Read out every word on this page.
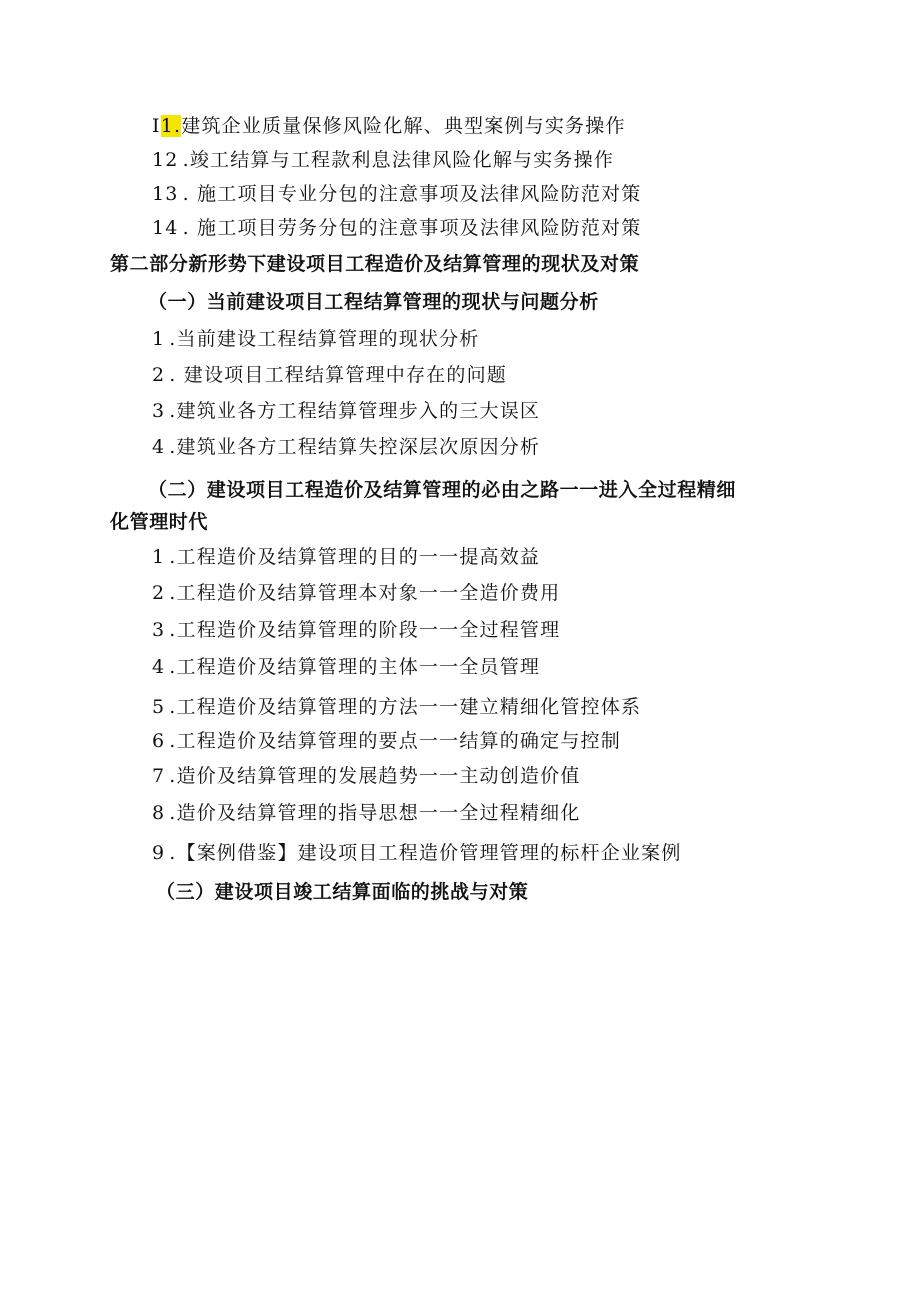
I1.建筑企业质量保修风险化解、典型案例与实务操作
12 .竣工结算与工程款利息法律风险化解与实务操作
13 . 施工项目专业分包的注意事项及法律风险防范对策
14 . 施工项目劳务分包的注意事项及法律风险防范对策
第二部分新形势下建设项目工程造价及结算管理的现状及对策
（一）当前建设项目工程结算管理的现状与问题分析
1 .当前建设工程结算管理的现状分析
2 . 建设项目工程结算管理中存在的问题
3 .建筑业各方工程结算管理步入的三大误区
4 .建筑业各方工程结算失控深层次原因分析
（二）建设项目工程造价及结算管理的必由之路一一进入全过程精细
化管理时代
1 .工程造价及结算管理的目的一一提高效益
2 .工程造价及结算管理本对象一一全造价费用
3 .工程造价及结算管理的阶段一一全过程管理
4 .工程造价及结算管理的主体一一全员管理
5 .工程造价及结算管理的方法一一建立精细化管控体系
6 .工程造价及结算管理的要点一一结算的确定与控制
7 .造价及结算管理的发展趋势一一主动创造价值
8 .造价及结算管理的指导思想一一全过程精细化
9 .【案例借鉴】建设项目工程造价管理管理的标杆企业案例
（三）建设项目竣工结算面临的挑战与对策
